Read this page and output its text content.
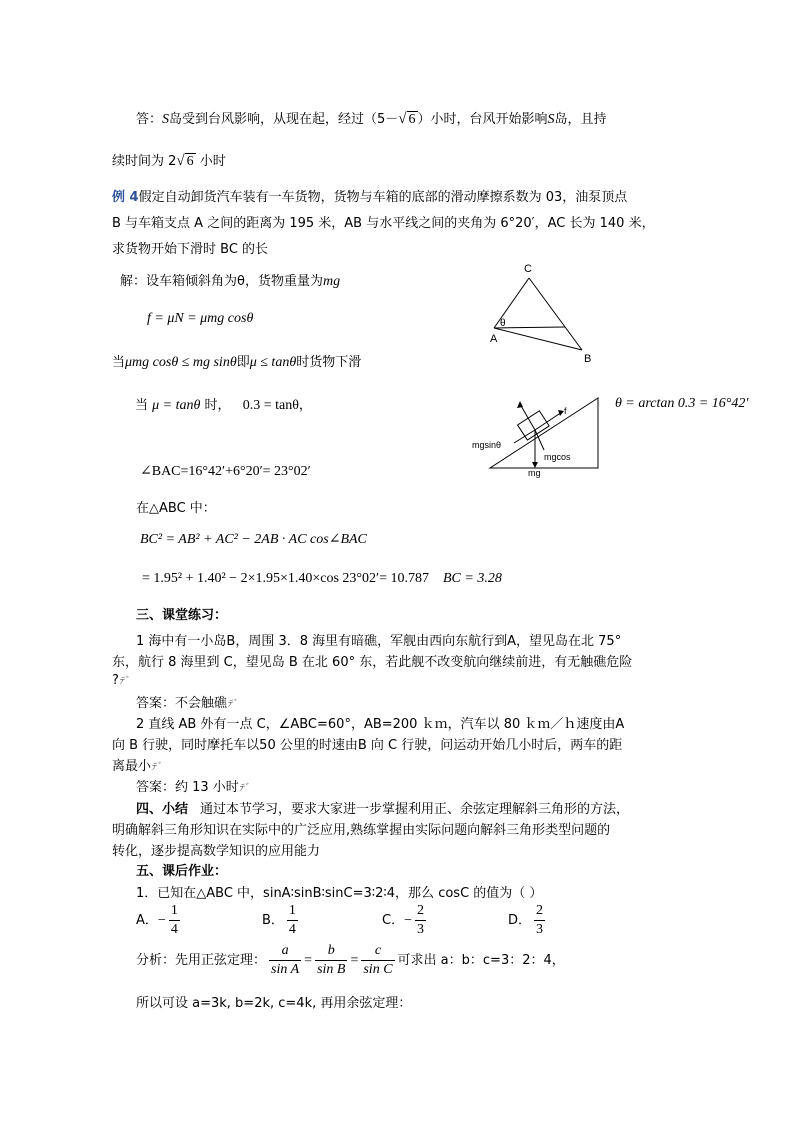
答：S岛受到台风影响，从现在起，经过（5－√ 6 ）小时，台风开始影响S岛，且持
续时间为 2√ 6 小时
例 4假定自动卸货汽车装有一车货物，货物与车箱的底部的滑动摩擦系数为 03，油泵顶点
B 与车箱支点 A 之间的距离为 195 米，AB 与水平线之间的夹角为 6°20′，AC 长为 140 米，
求货物开始下滑时 BC 的长
解：设车箱倾斜角为θ，货物重量为mg
f = μN = μmg cosθ
当μmg cosθ ≤ mg sinθ即μ ≤ tanθ时货物下滑
当 μ = tanθ 时， 0.3 = tanθ，	θ = arctan 0.3 = 16°42′
∠BAC=16°42′+6°20′= 23°02′
在△ABC 中：
BC² = AB² + AC² − 2AB · AC cos∠BAC
= 1.95² + 1.40² − 2×1.95×1.40×cos 23°02′= 10.787 BC = 3.28
C
A
B
θ
f
mgsinθ
mgcos
mg
三、课堂练习：
1 海中有一小岛B，周围 3．8 海里有暗礁，军舰由西向东航行到A，望见岛在北 75°
东，航行 8 海里到 C，望见岛 B 在北 60° 东，若此舰不改变航向继续前进，有无触礁危险
?ﾃﾞ
答案：不会触礁ﾃﾞ
2 直线 AB 外有一点 C，∠ABC=60°，AB=200 ｋｍ，汽车以 80 ｋｍ／ｈ速度由A
向 B 行驶，同时摩托车以50 公里的时速由B 向 C 行驶，问运动开始几小时后，两车的距
离最小ﾃﾞ
答案：约 13 小时ﾃﾞ
四、小结 通过本节学习，要求大家进一步掌握利用正、余弦定理解斜三角形的方法，
明确解斜三角形知识在实际中的广泛应用,熟练掌握由实际问题向解斜三角形类型问题的
转化，逐步提高数学知识的应用能力
五、课后作业：
1．已知在△ABC 中，sinA∶sinB∶sinC=3∶2∶4，那么 cosC 的值为（ ）
A．− $\frac{1}{4}$	B． $\frac{1}{4}$	C．− $\frac{2}{3}$	D． $\frac{2}{3}$
分析：先用正弦定理： $\frac{a}{\text{sin A}} = \frac{b}{\text{sin B}} = \frac{c}{\text{sin C}}$ 可求出 a：b：c=3：2：4，
所以可设 a=3k, b=2k, c=4k, 再用余弦定理：
